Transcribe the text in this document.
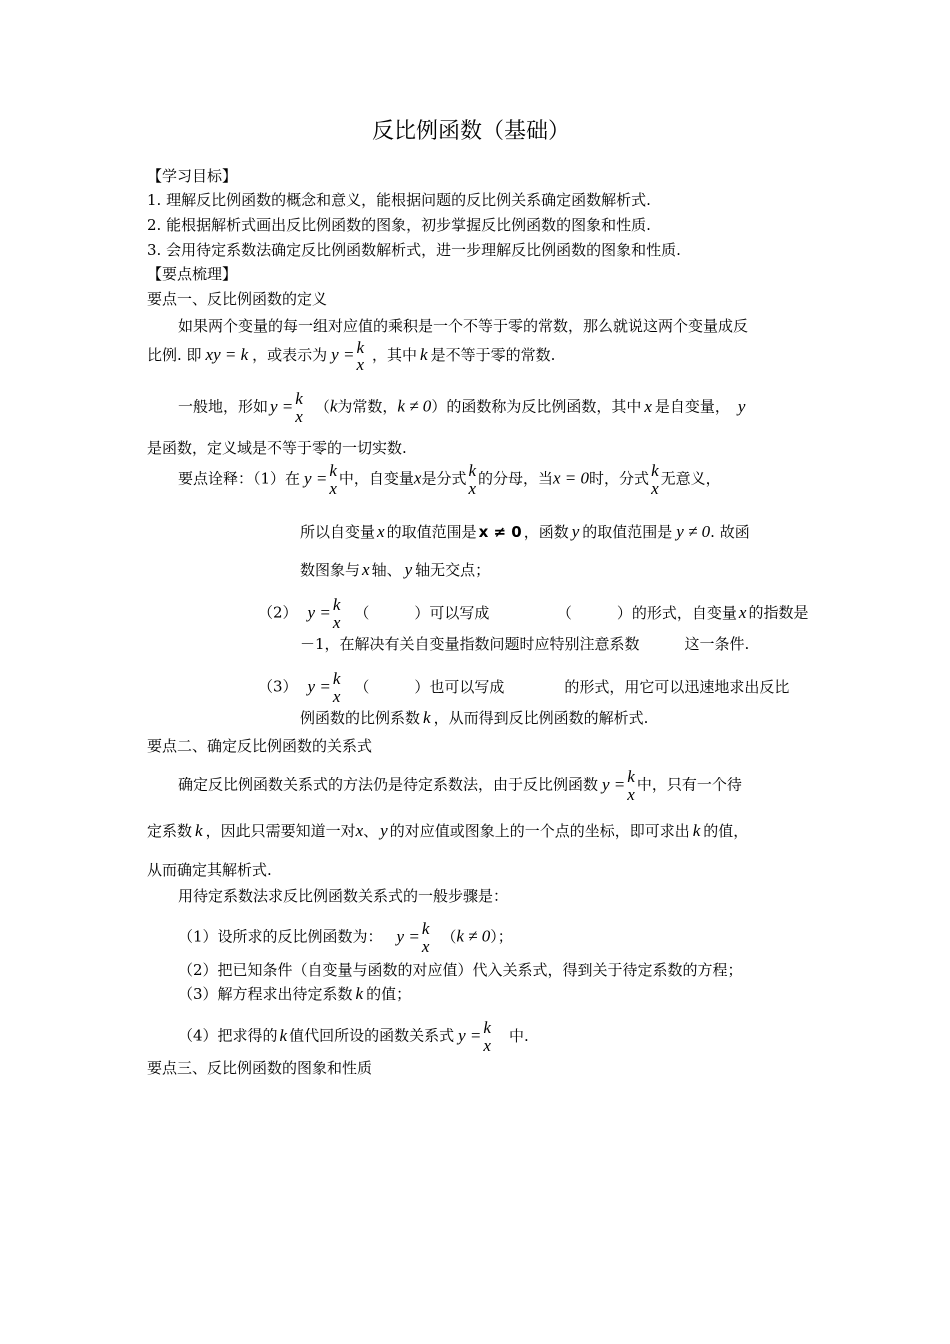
反比例函数（基础）
【学习目标】
1. 理解反比例函数的概念和意义，能根据问题的反比例关系确定函数解析式.
2. 能根据解析式画出反比例函数的图象，初步掌握反比例函数的图象和性质.
3. 会用待定系数法确定反比例函数解析式，进一步理解反比例函数的图象和性质.
【要点梳理】
要点一、反比例函数的定义
如果两个变量的每一组对应值的乘积是一个不等于零的常数，那么就说这两个变量成反
比例. 即 xy = k ，或表示为 y = k
x ，其中 k 是不等于零的常数.
一般地，形如 y = k
x
（k为常数，k ≠ 0）的函数称为反比例函数，其中 x 是自变量， y
是函数，定义域是不等于零的一切实数.
要点诠释：（1）在 y = k
x
中，自变量x是分式 k
x
的分母，当x = 0时，分式 k
x
无意义，
所以自变量 x 的取值范围是 x ≠ 0 ，函数 y 的取值范围是 y ≠ 0. 故函
数图象与 x 轴、 y 轴无交点；
（2） y = k
x
（　　　）可以写成　　　　　（　　　）的形式，自变量 x 的指数是
－1，在解决有关自变量指数问题时应特别注意系数　　　这一条件.
（3） y = k
x
（　　　）也可以写成　　　　的形式，用它可以迅速地求出反比
例函数的比例系数 k ，从而得到反比例函数的解析式.
要点二、确定反比例函数的关系式
确定反比例函数关系式的方法仍是待定系数法，由于反比例函数 y = k
x
中，只有一个待
定系数 k ，因此只需要知道一对x、 y 的对应值或图象上的一个点的坐标，即可求出 k 的值，
从而确定其解析式.
用待定系数法求反比例函数关系式的一般步骤是：
（1）设所求的反比例函数为： y = k
x
（k ≠ 0）；
（2）把已知条件（自变量与函数的对应值）代入关系式，得到关于待定系数的方程；
（3）解方程求出待定系数 k 的值；
（4）把求得的 k 值代回所设的函数关系式 y = k
x
中.
要点三、反比例函数的图象和性质
